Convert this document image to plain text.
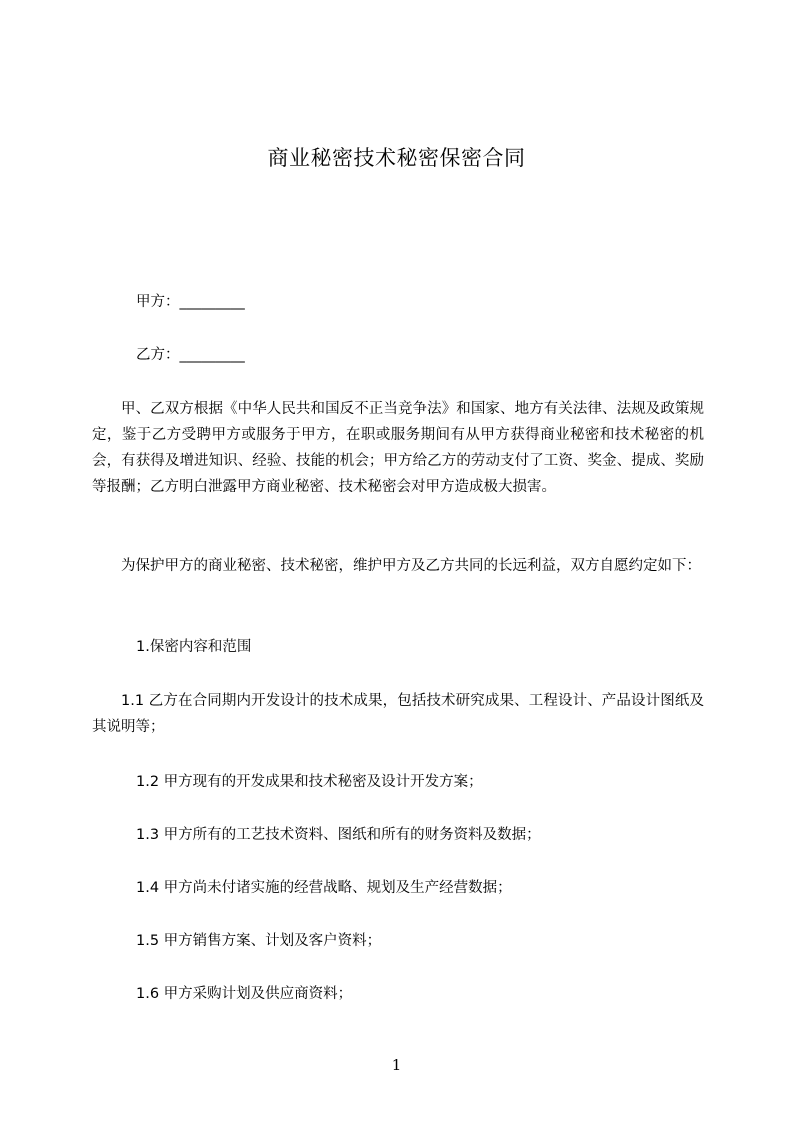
商业秘密技术秘密保密合同
甲方：_________
乙方：_________
甲、乙双方根据《中华人民共和国反不正当竞争法》和国家、地方有关法律、法规及政策规定，鉴于乙方受聘甲方或服务于甲方，在职或服务期间有从甲方获得商业秘密和技术秘密的机会，有获得及增进知识、经验、技能的机会；甲方给乙方的劳动支付了工资、奖金、提成、奖励等报酬；乙方明白泄露甲方商业秘密、技术秘密会对甲方造成极大损害。
为保护甲方的商业秘密、技术秘密，维护甲方及乙方共同的长远利益，双方自愿约定如下：
1.保密内容和范围
1.1 乙方在合同期内开发设计的技术成果，包括技术研究成果、工程设计、产品设计图纸及其说明等；
1.2 甲方现有的开发成果和技术秘密及设计开发方案；
1.3 甲方所有的工艺技术资料、图纸和所有的财务资料及数据；
1.4 甲方尚未付诸实施的经营战略、规划及生产经营数据；
1.5 甲方销售方案、计划及客户资料；
1.6 甲方采购计划及供应商资料；
1
